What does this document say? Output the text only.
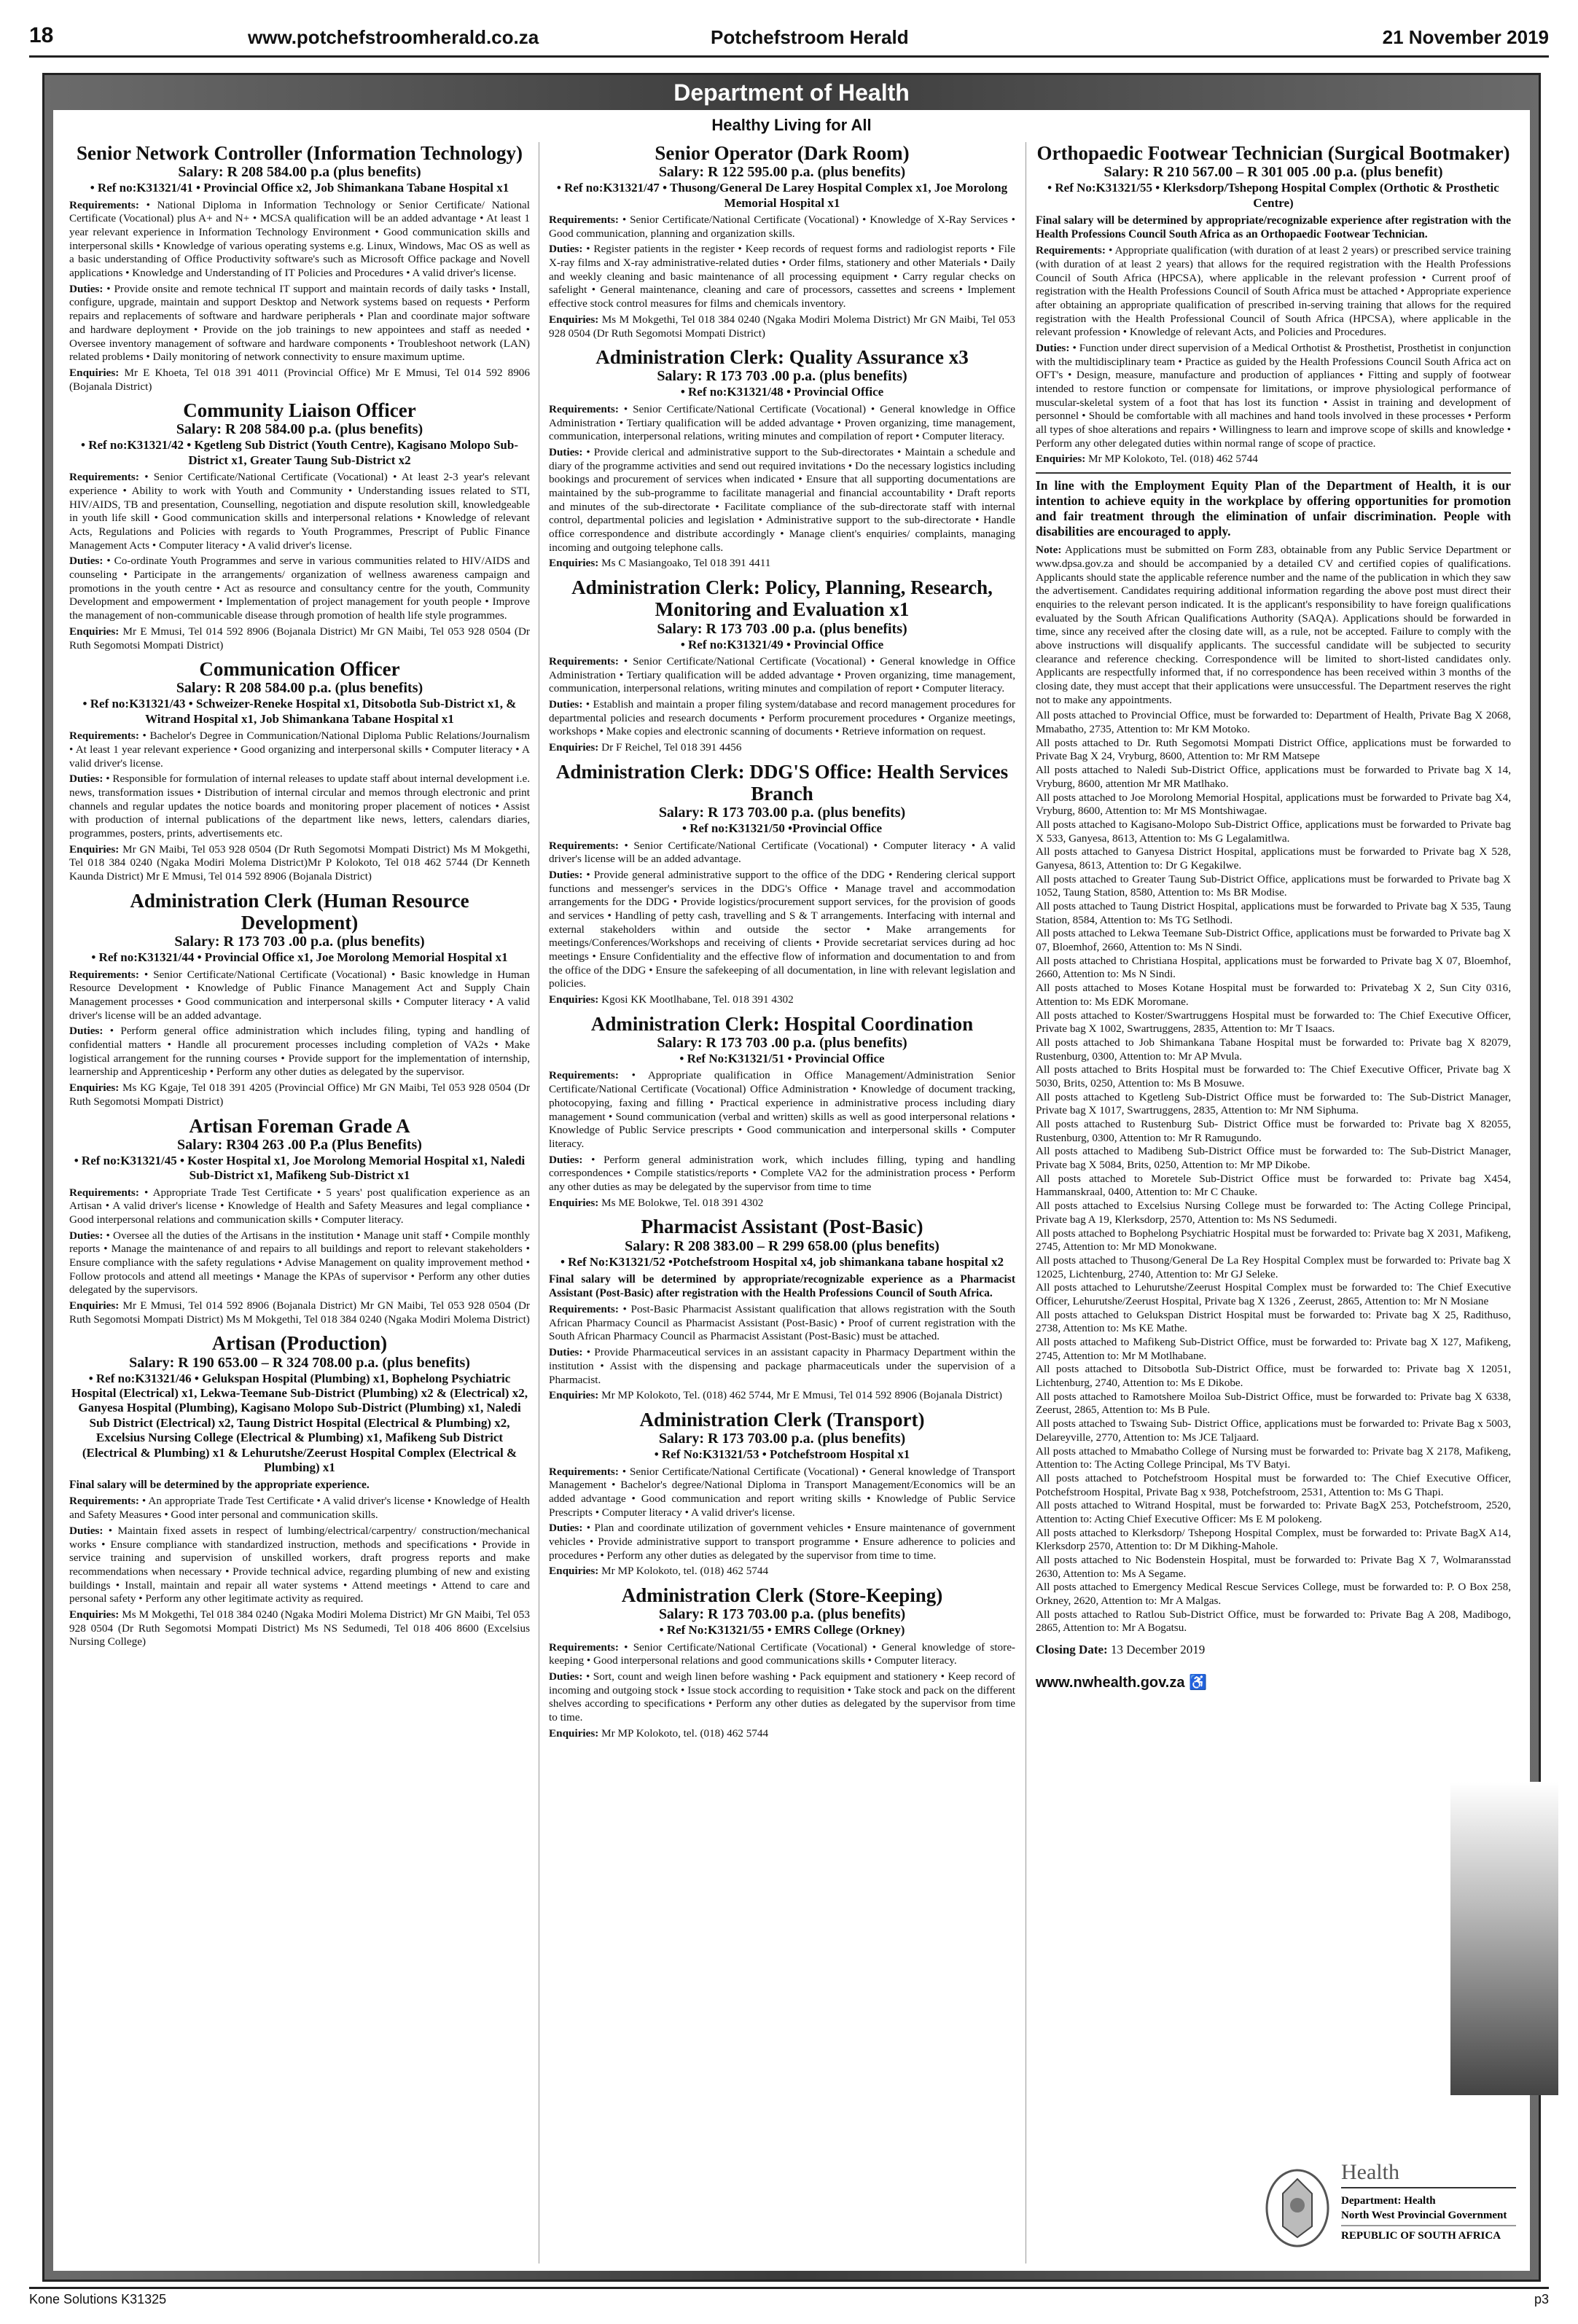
18	www.potchefstroomherald.co.za	Potchefstroom Herald	21 November 2019
Department of Health
Healthy Living for All
Senior Network Controller (Information Technology)
Salary: R 208 584.00 p.a (plus benefits)
• Ref no:K31321/41 • Provincial Office x2, Job Shimankana Tabane Hospital x1
Requirements: • National Diploma in Information Technology or Senior Certificate/ National Certificate (Vocational) plus A+ and N+ • MCSA qualification will be an added advantage • At least 1 year relevant experience in Information Technology Environment • Good communication skills and interpersonal skills • Knowledge of various operating systems e.g. Linux, Windows, Mac OS as well as a basic understanding of Office Productivity software's such as Microsoft Office package and Novell applications • Knowledge and Understanding of IT Policies and Procedures • A valid driver's license.
Duties: • Provide onsite and remote technical IT support and maintain records of daily tasks • Install, configure, upgrade, maintain and support Desktop and Network systems based on requests • Perform repairs and replacements of software and hardware peripherals • Plan and coordinate major software and hardware deployment • Provide on the job trainings to new appointees and staff as needed • Oversee inventory management of software and hardware components • Troubleshoot network (LAN) related problems • Daily monitoring of network connectivity to ensure maximum uptime.
Enquiries: Mr E Khoeta, Tel 018 391 4011 (Provincial Office) Mr E Mmusi, Tel 014 592 8906 (Bojanala District)
Community Liaison Officer
Salary: R 208 584.00 p.a. (plus benefits)
• Ref no:K31321/42 • Kgetleng Sub District (Youth Centre), Kagisano Molopo Sub-District x1, Greater Taung Sub-District x2
Requirements: • Senior Certificate/National Certificate (Vocational) • At least 2-3 year's relevant experience • Ability to work with Youth and Community • Understanding issues related to STI, HIV/AIDS, TB and presentation, Counselling, negotiation and dispute resolution skill, knowledgeable in youth life skill • Good communication skills and interpersonal relations • Knowledge of relevant Acts, Regulations and Policies with regards to Youth Programmes, Prescript of Public Finance Management Acts • Computer literacy • A valid driver's license.
Duties: • Co-ordinate Youth Programmes and serve in various communities related to HIV/AIDS and counseling • Participate in the arrangements/ organization of wellness awareness campaign and promotions in the youth centre • Act as resource and consultancy centre for the youth, Community Development and empowerment • Implementation of project management for youth people • Improve the management of non-communicable disease through promotion of health life style programmes.
Enquiries: Mr E Mmusi, Tel 014 592 8906 (Bojanala District) Mr GN Maibi, Tel 053 928 0504 (Dr Ruth Segomotsi Mompati District)
Communication Officer
Salary: R 208 584.00 p.a. (plus benefits)
• Ref no:K31321/43 • Schweizer-Reneke Hospital x1, Ditsobotla Sub-District x1, & Witrand Hospital x1, Job Shimankana Tabane Hospital x1
Requirements: • Bachelor's Degree in Communication/National Diploma Public Relations/Journalism • At least 1 year relevant experience • Good organizing and interpersonal skills • Computer literacy • A valid driver's license.
Duties: • Responsible for formulation of internal releases to update staff about internal development i.e. news, transformation issues • Distribution of internal circular and memos through electronic and print channels and regular updates the notice boards and monitoring proper placement of notices • Assist with production of internal publications of the department like news, letters, calendars diaries, programmes, posters, prints, advertisements etc.
Enquiries: Mr GN Maibi, Tel 053 928 0504 (Dr Ruth Segomotsi Mompati District) Ms M Mokgethi, Tel 018 384 0240 (Ngaka Modiri Molema District)Mr P Kolokoto, Tel 018 462 5744 (Dr Kenneth Kaunda District) Mr E Mmusi, Tel 014 592 8906 (Bojanala District)
Administration Clerk (Human Resource Development)
Salary: R 173 703 .00 p.a. (plus benefits)
• Ref no:K31321/44 • Provincial Office x1, Joe Morolong Memorial Hospital x1
Requirements: • Senior Certificate/National Certificate (Vocational) • Basic knowledge in Human Resource Development • Knowledge of Public Finance Management Act and Supply Chain Management processes • Good communication and interpersonal skills • Computer literacy • A valid driver's license will be an added advantage.
Duties: • Perform general office administration which includes filing, typing and handling of confidential matters • Handle all procurement processes including completion of VA2s • Make logistical arrangement for the running courses • Provide support for the implementation of internship, learnership and Apprenticeship • Perform any other duties as delegated by the supervisor.
Enquiries: Ms KG Kgaje, Tel 018 391 4205 (Provincial Office) Mr GN Maibi, Tel 053 928 0504 (Dr Ruth Segomotsi Mompati District)
Artisan Foreman Grade A
Salary: R304 263 .00 P.a (Plus Benefits)
• Ref no:K31321/45 • Koster Hospital x1, Joe Morolong Memorial Hospital x1, Naledi Sub-District x1, Mafikeng Sub-District x1
Requirements: • Appropriate Trade Test Certificate • 5 years' post qualification experience as an Artisan • A valid driver's license • Knowledge of Health and Safety Measures and legal compliance • Good interpersonal relations and communication skills • Computer literacy.
Duties: • Oversee all the duties of the Artisans in the institution • Manage unit staff • Compile monthly reports • Manage the maintenance of and repairs to all buildings and report to relevant stakeholders • Ensure compliance with the safety regulations • Advise Management on quality improvement method • Follow protocols and attend all meetings • Manage the KPAs of supervisor • Perform any other duties delegated by the supervisors.
Enquiries: Mr E Mmusi, Tel 014 592 8906 (Bojanala District) Mr GN Maibi, Tel 053 928 0504 (Dr Ruth Segomotsi Mompati District) Ms M Mokgethi, Tel 018 384 0240 (Ngaka Modiri Molema District)
Artisan (Production)
Salary: R 190 653.00 – R 324 708.00 p.a. (plus benefits)
• Ref no:K31321/46 • Gelukspan Hospital (Plumbing) x1, Bophelong Psychiatric Hospital (Electrical) x1, Lekwa-Teemane Sub-District (Plumbing) x2 & (Electrical) x2, Ganyesa Hospital (Plumbing), Kagisano Molopo Sub-District (Plumbing) x1, Naledi Sub District (Electrical) x2, Taung District Hospital (Electrical & Plumbing) x2, Excelsius Nursing College (Electrical & Plumbing) x1, Mafikeng Sub District (Electrical & Plumbing) x1 & Lehurutshe/Zeerust Hospital Complex (Electrical & Plumbing) x1
Final salary will be determined by the appropriate experience.
Requirements: • An appropriate Trade Test Certificate • A valid driver's license • Knowledge of Health and Safety Measures • Good inter personal and communication skills.
Duties: • Maintain fixed assets in respect of lumbing/electrical/carpentry/ construction/mechanical works • Ensure compliance with standardized instruction, methods and specifications • Provide in service training and supervision of unskilled workers, draft progress reports and make recommendations when necessary • Provide technical advice, regarding plumbing of new and existing buildings • Install, maintain and repair all water systems • Attend meetings • Attend to care and personal safety • Perform any other legitimate activity as required.
Enquiries: Ms M Mokgethi, Tel 018 384 0240 (Ngaka Modiri Molema District) Mr GN Maibi, Tel 053 928 0504 (Dr Ruth Segomotsi Mompati District) Ms NS Sedumedi, Tel 018 406 8600 (Excelsius Nursing College)
Senior Operator (Dark Room)
Salary: R 122 595.00 p.a. (plus benefits)
• Ref no:K31321/47 • Thusong/General De Larey Hospital Complex x1, Joe Morolong Memorial Hospital x1
Requirements: • Senior Certificate/National Certificate (Vocational) • Knowledge of X-Ray Services • Good communication, planning and organization skills.
Duties: • Register patients in the register • Keep records of request forms and radiologist reports • File X-ray films and X-ray administrative-related duties • Order films, stationery and other Materials • Daily and weekly cleaning and basic maintenance of all processing equipment • Carry regular checks on safelight • General maintenance, cleaning and care of processors, cassettes and screens • Implement effective stock control measures for films and chemicals inventory.
Enquiries: Ms M Mokgethi, Tel 018 384 0240 (Ngaka Modiri Molema District) Mr GN Maibi, Tel 053 928 0504 (Dr Ruth Segomotsi Mompati District)
Administration Clerk: Quality Assurance x3
Salary: R 173 703 .00 p.a. (plus benefits)
• Ref no:K31321/48 • Provincial Office
Requirements: • Senior Certificate/National Certificate (Vocational) • General knowledge in Office Administration • Tertiary qualification will be added advantage • Proven organizing, time management, communication, interpersonal relations, writing minutes and compilation of report • Computer literacy.
Duties: • Provide clerical and administrative support to the Sub-directorates • Maintain a schedule and diary of the programme activities and send out required invitations • Do the necessary logistics including bookings and procurement of services when indicated • Ensure that all supporting documentations are maintained by the sub-programme to facilitate managerial and financial accountability • Draft reports and minutes of the sub-directorate • Facilitate compliance of the sub-directorate staff with internal control, departmental policies and legislation • Administrative support to the sub-directorate • Handle office correspondence and distribute accordingly • Manage client's enquiries/ complaints, managing incoming and outgoing telephone calls.
Enquiries: Ms C Masiangoako, Tel 018 391 4411
Administration Clerk: Policy, Planning, Research, Monitoring and Evaluation x1
Salary: R 173 703 .00 p.a. (plus benefits)
• Ref no:K31321/49 • Provincial Office
Requirements: • Senior Certificate/National Certificate (Vocational) • General knowledge in Office Administration • Tertiary qualification will be added advantage • Proven organizing, time management, communication, interpersonal relations, writing minutes and compilation of report • Computer literacy.
Duties: • Establish and maintain a proper filing system/database and record management procedures for departmental policies and research documents • Perform procurement procedures • Organize meetings, workshops • Make copies and electronic scanning of documents • Retrieve information on request.
Enquiries: Dr F Reichel, Tel 018 391 4456
Administration Clerk: DDG'S Office: Health Services Branch
Salary: R 173 703.00 p.a. (plus benefits)
• Ref no:K31321/50 •Provincial Office
Requirements: • Senior Certificate/National Certificate (Vocational) • Computer literacy • A valid driver's license will be an added advantage.
Duties: • Provide general administrative support to the office of the DDG • Rendering clerical support functions and messenger's services in the DDG's Office • Manage travel and accommodation arrangements for the DDG • Provide logistics/procurement support services, for the provision of goods and services • Handling of petty cash, travelling and S & T arrangements. Interfacing with internal and external stakeholders within and outside the sector • Make arrangements for meetings/Conferences/Workshops and receiving of clients • Provide secretariat services during ad hoc meetings • Ensure Confidentiality and the effective flow of information and documentation to and from the office of the DDG • Ensure the safekeeping of all documentation, in line with relevant legislation and policies.
Enquiries: Kgosi KK Mootlhabane, Tel. 018 391 4302
Administration Clerk: Hospital Coordination
Salary: R 173 703 .00 p.a. (plus benefits)
• Ref No:K31321/51 • Provincial Office
Requirements: • Appropriate qualification in Office Management/Administration Senior Certificate/National Certificate (Vocational) Office Administration • Knowledge of document tracking, photocopying, faxing and filling • Practical experience in administrative process including diary management • Sound communication (verbal and written) skills as well as good interpersonal relations • Knowledge of Public Service prescripts • Good communication and interpersonal skills • Computer literacy.
Duties: • Perform general administration work, which includes filling, typing and handling correspondences • Compile statistics/reports • Complete VA2 for the administration process • Perform any other duties as may be delegated by the supervisor from time to time
Enquiries: Ms ME Bolokwe, Tel. 018 391 4302
Pharmacist Assistant (Post-Basic)
Salary: R 208 383.00 – R 299 658.00 (plus benefits)
• Ref No:K31321/52 •Potchefstroom Hospital x4, job shimankana tabane hospital x2
Final salary will be determined by appropriate/recognizable experience as a Pharmacist Assistant (Post-Basic) after registration with the Health Professions Council of South Africa.
Requirements: • Post-Basic Pharmacist Assistant qualification that allows registration with the South African Pharmacy Council as Pharmacist Assistant (Post-Basic) • Proof of current registration with the South African Pharmacy Council as Pharmacist Assistant (Post-Basic) must be attached.
Duties: • Provide Pharmaceutical services in an assistant capacity in Pharmacy Department within the institution • Assist with the dispensing and package pharmaceuticals under the supervision of a Pharmacist.
Enquiries: Mr MP Kolokoto, Tel. (018) 462 5744, Mr E Mmusi, Tel 014 592 8906 (Bojanala District)
Administration Clerk (Transport)
Salary: R 173 703.00 p.a. (plus benefits)
• Ref No:K31321/53 • Potchefstroom Hospital x1
Requirements: • Senior Certificate/National Certificate (Vocational) • General knowledge of Transport Management • Bachelor's degree/National Diploma in Transport Management/Economics will be an added advantage • Good communication and report writing skills • Knowledge of Public Service Prescripts • Computer literacy • A valid driver's license.
Duties: • Plan and coordinate utilization of government vehicles • Ensure maintenance of government vehicles • Provide administrative support to transport programme • Ensure adherence to policies and procedures • Perform any other duties as delegated by the supervisor from time to time.
Enquiries: Mr MP Kolokoto, tel. (018) 462 5744
Administration Clerk (Store-Keeping)
Salary: R 173 703.00 p.a. (plus benefits)
• Ref No:K31321/55 • EMRS College (Orkney)
Requirements: • Senior Certificate/National Certificate (Vocational) • General knowledge of store-keeping • Good interpersonal relations and good communications skills • Computer literacy.
Duties: • Sort, count and weigh linen before washing • Pack equipment and stationery • Keep record of incoming and outgoing stock • Issue stock according to requisition • Take stock and pack on the different shelves according to specifications • Perform any other duties as delegated by the supervisor from time to time.
Enquiries: Mr MP Kolokoto, tel. (018) 462 5744
Orthopaedic Footwear Technician (Surgical Bootmaker)
Salary: R 210 567.00 – R 301 005 .00 p.a. (plus benefit)
• Ref No:K31321/55 • Klerksdorp/Tshepong Hospital Complex (Orthotic & Prosthetic Centre)
Final salary will be determined by appropriate/recognizable experience after registration with the Health Professions Council South Africa as an Orthopaedic Footwear Technician.
Requirements: • Appropriate qualification (with duration of at least 2 years) or prescribed service training (with duration of at least 2 years) that allows for the required registration with the Health Professions Council of South Africa (HPCSA), where applicable in the relevant profession • Current proof of registration with the Health Professions Council of South Africa must be attached • Appropriate experience after obtaining an appropriate qualification of prescribed in-serving training that allows for the required registration with the Health Professional Council of South Africa (HPCSA), where applicable in the relevant profession • Knowledge of relevant Acts, and Policies and Procedures.
Duties: • Function under direct supervision of a Medical Orthotist & Prosthetist, Prosthetist in conjunction with the multidisciplinary team • Practice as guided by the Health Professions Council South Africa act on OFT's • Design, measure, manufacture and production of appliances • Fitting and supply of footwear intended to restore function or compensate for limitations, or improve physiological performance of muscular-skeletal system of a foot that has lost its function • Assist in training and development of personnel • Should be comfortable with all machines and hand tools involved in these processes • Perform all types of shoe alterations and repairs • Willingness to learn and improve scope of skills and knowledge • Perform any other delegated duties within normal range of scope of practice.
Enquiries: Mr MP Kolokoto, Tel. (018) 462 5744
In line with the Employment Equity Plan of the Department of Health, it is our intention to achieve equity in the workplace by offering opportunities for promotion and fair treatment through the elimination of unfair discrimination. People with disabilities are encouraged to apply.
Note: Applications must be submitted on Form Z83, obtainable from any Public Service Department or www.dpsa.gov.za and should be accompanied by a detailed CV and certified copies of qualifications. Applicants should state the applicable reference number and the name of the publication in which they saw the advertisement. Candidates requiring additional information regarding the above post must direct their enquiries to the relevant person indicated. It is the applicant's responsibility to have foreign qualifications evaluated by the South African Qualifications Authority (SAQA). Applications should be forwarded in time, since any received after the closing date will, as a rule, not be accepted. Failure to comply with the above instructions will disqualify applicants. The successful candidate will be subjected to security clearance and reference checking. Correspondence will be limited to short-listed candidates only. Applicants are respectfully informed that, if no correspondence has been received within 3 months of the closing date, they must accept that their applications were unsuccessful. The Department reserves the right not to make any appointments.
All posts attached to Provincial Office, must be forwarded to: Department of Health, Private Bag X 2068, Mmabatho, 2735, Attention to: Mr KM Motoko.
All posts attached to Dr. Ruth Segomotsi Mompati District Office, applications must be forwarded to Private Bag X 24, Vryburg, 8600, Attention to: Mr RM Matsepe
All posts attached to Naledi Sub-District Office, applications must be forwarded to Private bag X 14, Vryburg, 8600, attention Mr MR Matlhako.
All posts attached to Joe Morolong Memorial Hospital, applications must be forwarded to Private bag X4, Vryburg, 8600, Attention to: Mr MS Montshiwagae.
All posts attached to Kagisano-Molopo Sub-District Office, applications must be forwarded to Private bag X 533, Ganyesa, 8613, Attention to: Ms G Legalamitlwa.
All posts attached to Ganyesa District Hospital, applications must be forwarded to Private bag X 528, Ganyesa, 8613, Attention to: Dr G Kegakilwe.
All posts attached to Greater Taung Sub-District Office, applications must be forwarded to Private bag X 1052, Taung Station, 8580, Attention to: Ms BR Modise.
All posts attached to Taung District Hospital, applications must be forwarded to Private bag X 535, Taung Station, 8584, Attention to: Ms TG Setlhodi.
All posts attached to Lekwa Teemane Sub-District Office, applications must be forwarded to Private bag X 07, Bloemhof, 2660, Attention to: Ms N Sindi.
All posts attached to Christiana Hospital, applications must be forwarded to Private bag X 07, Bloemhof, 2660, Attention to: Ms N Sindi.
All posts attached to Moses Kotane Hospital must be forwarded to: Privatebag X 2, Sun City 0316, Attention to: Ms EDK Moromane.
All posts attached to Koster/Swartruggens Hospital must be forwarded to: The Chief Executive Officer, Private bag X 1002, Swartruggens, 2835, Attention to: Mr T Isaacs.
All posts attached to Job Shimankana Tabane Hospital must be forwarded to: Private bag X 82079, Rustenburg, 0300, Attention to: Mr AP Mvula.
All posts attached to Brits Hospital must be forwarded to: The Chief Executive Officer, Private bag X 5030, Brits, 0250, Attention to: Ms B Mosuwe.
All posts attached to Kgetleng Sub-District Office must be forwarded to: The Sub-District Manager, Private bag X 1017, Swartruggens, 2835, Attention to: Mr NM Siphuma.
All posts attached to Rustenburg Sub- District Office must be forwarded to: Private bag X 82055, Rustenburg, 0300, Attention to: Mr R Ramugundo.
All posts attached to Madibeng Sub-District Office must be forwarded to: The Sub-District Manager, Private bag X 5084, Brits, 0250, Attention to: Mr MP Dikobe.
All posts attached to Moretele Sub-District Office must be forwarded to: Private bag X454, Hammanskraal, 0400, Attention to: Mr C Chauke.
All posts attached to Excelsius Nursing College must be forwarded to: The Acting College Principal, Private bag A 19, Klerksdorp, 2570, Attention to: Ms NS Sedumedi.
All posts attached to Bophelong Psychiatric Hospital must be forwarded to: Private bag X 2031, Mafikeng, 2745, Attention to: Mr MD Monokwane.
All posts attached to Thusong/General De La Rey Hospital Complex must be forwarded to: Private bag X 12025, Lichtenburg, 2740, Attention to: Mr GJ Seleke.
All posts attached to Lehurutshe/Zeerust Hospital Complex must be forwarded to: The Chief Executive Officer, Lehurutshe/Zeerust Hospital, Private bag X 1326 , Zeerust, 2865, Attention to: Mr N Mosiane
All posts attached to Gelukspan District Hospital must be forwarded to: Private bag X 25, Radithuso, 2738, Attention to: Ms KE Mathe.
All posts attached to Mafikeng Sub-District Office, must be forwarded to: Private bag X 127, Mafikeng, 2745, Attention to: Mr M Motlhabane.
All posts attached to Ditsobotla Sub-District Office, must be forwarded to: Private bag X 12051, Lichtenburg, 2740, Attention to: Ms E Dikobe.
All posts attached to Ramotshere Moiloa Sub-District Office, must be forwarded to: Private bag X 6338, Zeerust, 2865, Attention to: Ms B Pule.
All posts attached to Tswaing Sub- District Office, applications must be forwarded to: Private Bag x 5003, Delareyville, 2770, Attention to: Ms JCE Taljaard.
All posts attached to Mmabatho College of Nursing must be forwarded to: Private bag X 2178, Mafikeng, Attention to: The Acting College Principal, Ms TV Batyi.
All posts attached to Potchefstroom Hospital must be forwarded to: The Chief Executive Officer, Potchefstroom Hospital, Private Bag x 938, Potchefstroom, 2531, Attention to: Ms G Thapi.
All posts attached to Witrand Hospital, must be forwarded to: Private BagX 253, Potchefstroom, 2520, Attention to: Acting Chief Executive Officer: Ms E M polokeng.
All posts attached to Klerksdorp/ Tshepong Hospital Complex, must be forwarded to: Private BagX A14, Klerksdorp 2570, Attention to: Dr M Dikhing-Mahole.
All posts attached to Nic Bodenstein Hospital, must be forwarded to: Private Bag X 7, Wolmaransstad 2630, Attention to: Ms A Segame.
All posts attached to Emergency Medical Rescue Services College, must be forwarded to: P. O Box 258, Orkney, 2620, Attention to: Mr A Malgas.
All posts attached to Ratlou Sub-District Office, must be forwarded to: Private Bag A 208, Madibogo, 2865, Attention to: Mr A Bogatsu.
Closing Date: 13 December 2019
www.nwhealth.gov.za ♿
Health
Department: Health
North West Provincial Government
REPUBLIC OF SOUTH AFRICA
Kone Solutions K31325	p3
